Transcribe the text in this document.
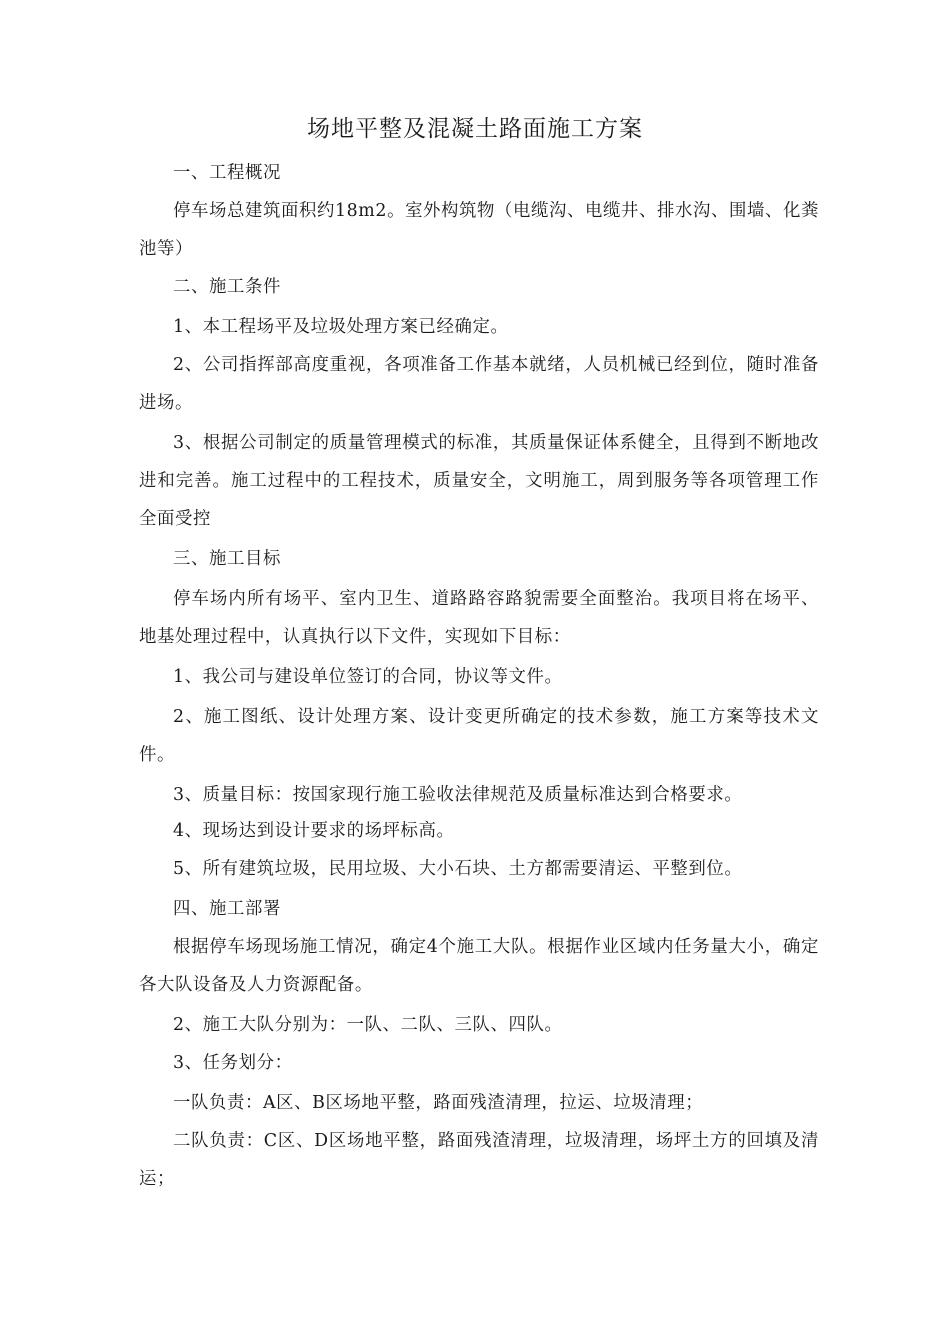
场地平整及混凝土路面施工方案
一、工程概况
停车场总建筑面积约18m2。室外构筑物（电缆沟、电缆井、排水沟、围墙、化粪池等）
二、施工条件
1、本工程场平及垃圾处理方案已经确定。
2、公司指挥部高度重视，各项准备工作基本就绪，人员机械已经到位，随时准备进场。
3、根据公司制定的质量管理模式的标准，其质量保证体系健全，且得到不断地改进和完善。施工过程中的工程技术，质量安全，文明施工，周到服务等各项管理工作全面受控
三、施工目标
停车场内所有场平、室内卫生、道路路容路貌需要全面整治。我项目将在场平、地基处理过程中，认真执行以下文件，实现如下目标：
1、我公司与建设单位签订的合同，协议等文件。
2、施工图纸、设计处理方案、设计变更所确定的技术参数，施工方案等技术文件。
3、质量目标：按国家现行施工验收法律规范及质量标准达到合格要求。
4、现场达到设计要求的场坪标高。
5、所有建筑垃圾，民用垃圾、大小石块、土方都需要清运、平整到位。
四、施工部署
根据停车场现场施工情况，确定4个施工大队。根据作业区域内任务量大小，确定各大队设备及人力资源配备。
2、施工大队分别为：一队、二队、三队、四队。
3、任务划分：
一队负责：A区、B区场地平整，路面残渣清理，拉运、垃圾清理；
二队负责：C区、D区场地平整，路面残渣清理，垃圾清理，场坪土方的回填及清运；
